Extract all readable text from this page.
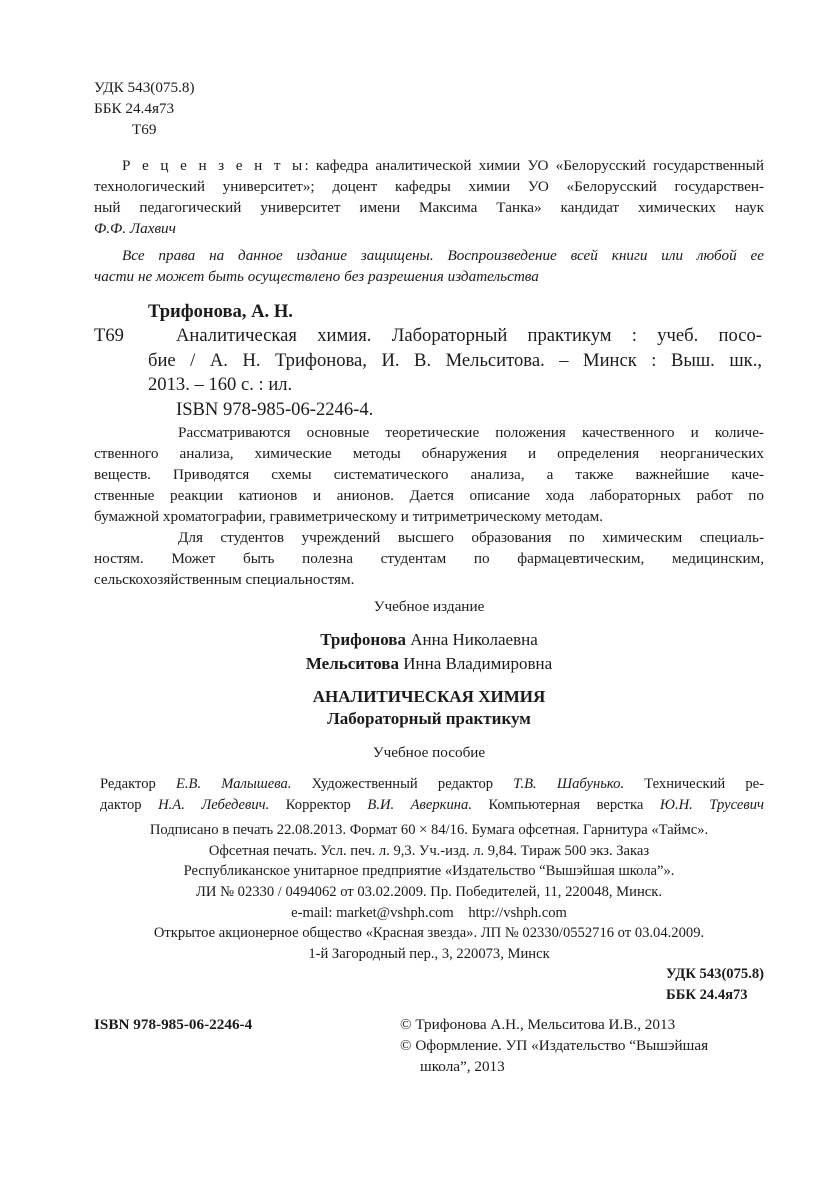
УДК 543(075.8)
ББК 24.4я73
Т69
Р е ц е н з е н т ы: кафедра аналитической химии УО «Белорусский государственный
технологический университет»; доцент кафедры химии УО «Белорусский государствен-
ный педагогический университет имени Максима Танка» кандидат химических наук
Ф.Ф. Лахвич
Все права на данное издание защищены. Воспроизведение всей книги или любой ее
части не может быть осуществлено без разрешения издательства
Трифонова, А. Н.
Т69	Аналитическая химия. Лабораторный практикум : учеб. посо-
бие / А. Н. Трифонова, И. В. Мельситова. – Минск : Выш. шк.,
2013. – 160 с. : ил.
ISBN 978-985-06-2246-4.
Рассматриваются основные теоретические положения качественного и количе-
ственного анализа, химические методы обнаружения и определения неорганических
веществ. Приводятся схемы систематического анализа, а также важнейшие каче-
ственные реакции катионов и анионов. Дается описание хода лабораторных работ по
бумажной хроматографии, гравиметрическому и титриметрическому методам.
Для студентов учреждений высшего образования по химическим специаль-
ностям. Может быть полезна студентам по фармацевтическим, медицинским,
сельскохозяйственным специальностям.
Учебное издание
Трифонова Анна Николаевна
Мельситова Инна Владимировна
АНАЛИТИЧЕСКАЯ ХИМИЯ
Лабораторный практикум
Учебное пособие
Редактор Е.В. Малышева. Художественный редактор Т.В. Шабунько. Технический ре-
дактор Н.А. Лебедевич. Корректор В.И. Аверкина. Компьютерная верстка Ю.Н. Трусевич
Подписано в печать 22.08.2013. Формат 60 × 84/16. Бумага офсетная. Гарнитура «Таймс».
Офсетная печать. Усл. печ. л. 9,3. Уч.-изд. л. 9,84. Тираж 500 экз. Заказ
Республиканское унитарное предприятие «Издательство “Вышэйшая школа”».
ЛИ № 02330 / 0494062 от 03.02.2009. Пр. Победителей, 11, 220048, Минск.
e-mail: market@vshph.com http://vshph.com
Открытое акционерное общество «Красная звезда». ЛП № 02330/0552716 от 03.04.2009.
1-й Загородный пер., 3, 220073, Минск
УДК 543(075.8)
ББК 24.4я73
ISBN 978-985-06-2246-4	© Трифонова А.Н., Мельситова И.В., 2013
© Оформление. УП «Издательство “Вышэйшая
школа”, 2013
